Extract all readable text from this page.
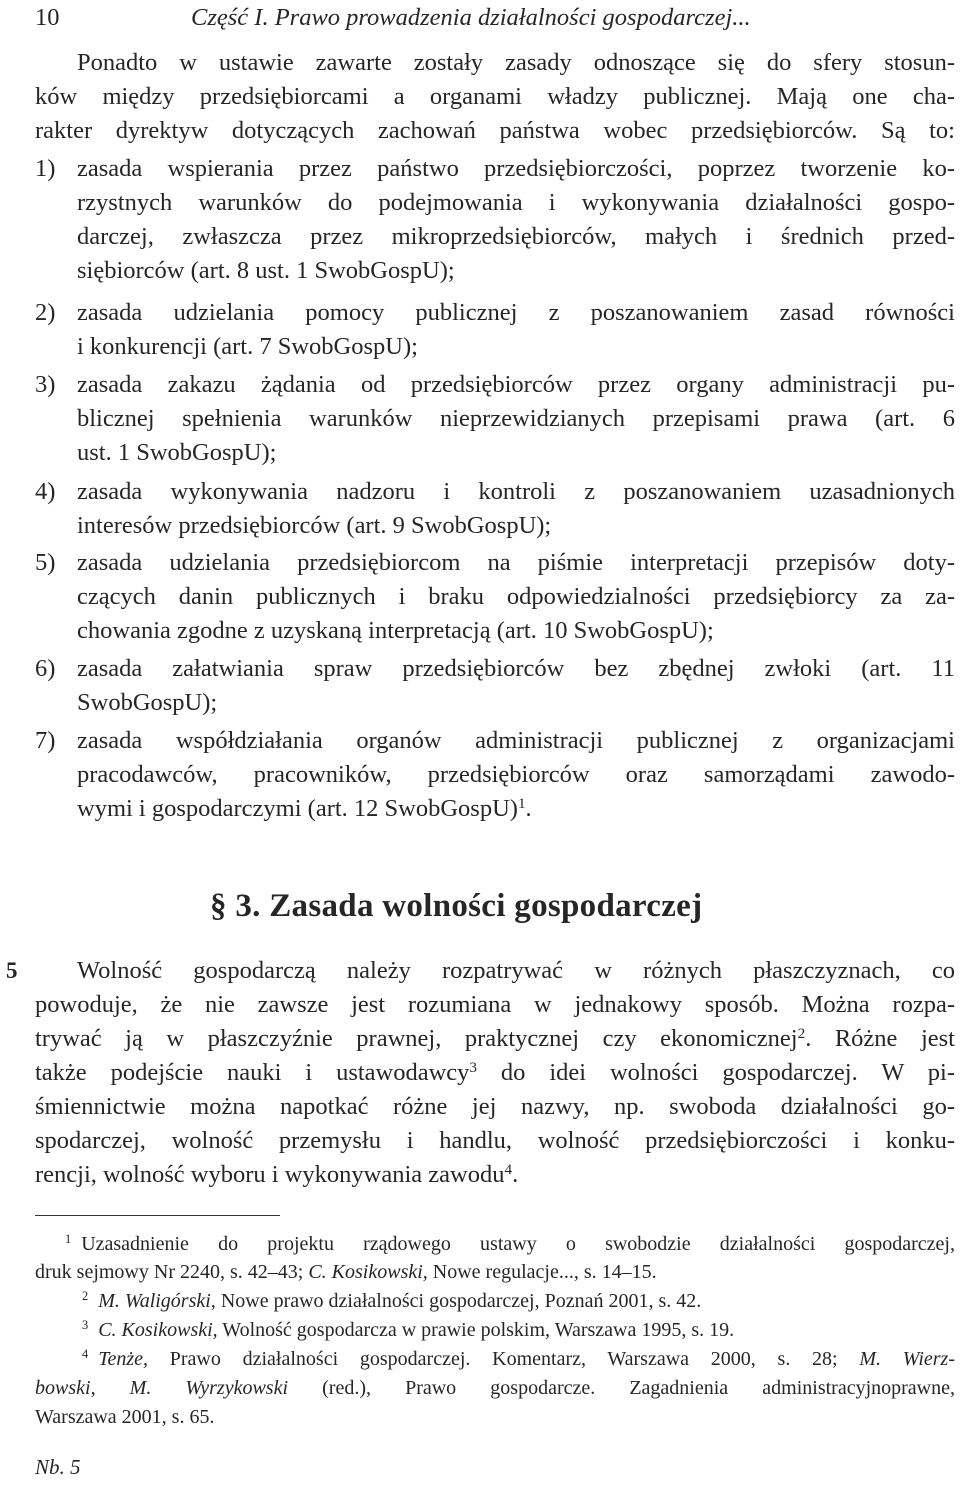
10	Część I. Prawo prowadzenia działalności gospodarczej...
Ponadto w ustawie zawarte zostały zasady odnoszące się do sfery stosun-
ków między przedsiębiorcami a organami władzy publicznej. Mają one cha-
rakter dyrektyw dotyczących zachowań państwa wobec przedsiębiorców. Są to:
1) zasada wspierania przez państwo przedsiębiorczości, poprzez tworzenie ko-
rzystnych warunków do podejmowania i wykonywania działalności gospo-
darczej, zwłaszcza przez mikroprzedsiębiorców, małych i średnich przed-
siębiorców (art. 8 ust. 1 SwobGospU);
2) zasada udzielania pomocy publicznej z poszanowaniem zasad równości
i konkurencji (art. 7 SwobGospU);
3) zasada zakazu żądania od przedsiębiorców przez organy administracji pu-
blicznej spełnienia warunków nieprzewidzianych przepisami prawa (art. 6
ust. 1 SwobGospU);
4) zasada wykonywania nadzoru i kontroli z poszanowaniem uzasadnionych
interesów przedsiębiorców (art. 9 SwobGospU);
5) zasada udzielania przedsiębiorcom na piśmie interpretacji przepisów doty-
czących danin publicznych i braku odpowiedzialności przedsiębiorcy za za-
chowania zgodne z uzyskaną interpretacją (art. 10 SwobGospU);
6) zasada załatwiania spraw przedsiębiorców bez zbędnej zwłoki (art. 11
SwobGospU);
7) zasada współdziałania organów administracji publicznej z organizacjami
pracodawców, pracowników, przedsiębiorców oraz samorządami zawodo-
wymi i gospodarczymi (art. 12 SwobGospU)$^1$.
§ 3. Zasada wolności gospodarczej
5 Wolność gospodarczą należy rozpatrywać w różnych płaszczyznach, co
powoduje, że nie zawsze jest rozumiana w jednakowy sposób. Można rozpa-
trywać ją w płaszczyźnie prawnej, praktycznej czy ekonomicznej$^2$. Różne jest
także podejście nauki i ustawodawcy$^3$ do idei wolności gospodarczej. W pi-
śmiennictwie można napotkać różne jej nazwy, np. swoboda działalności go-
spodarczej, wolność przemysłu i handlu, wolność przedsiębiorczości i konku-
rencji, wolność wyboru i wykonywania zawodu$^4$.
​  $^1$  Uzasadnienie do projektu rządowego ustawy o swobodzie działalności gospodarczej,
druk sejmowy Nr 2240, s. 42–43; C. Kosikowski, Nowe regulacje..., s. 14–15.
$^2$  M. Waligórski, Nowe prawo działalności gospodarczej, Poznań 2001, s. 42.
$^3$  C. Kosikowski, Wolność gospodarcza w prawie polskim, Warszawa 1995, s. 19.
$^4$  Tenże, Prawo działalności gospodarczej. Komentarz, Warszawa 2000, s. 28; M. Wierz-
bowski, M. Wyrzykowski (red.), Prawo gospodarcze. Zagadnienia administracyjnoprawne,
Warszawa 2001, s. 65.
Nb. 5
